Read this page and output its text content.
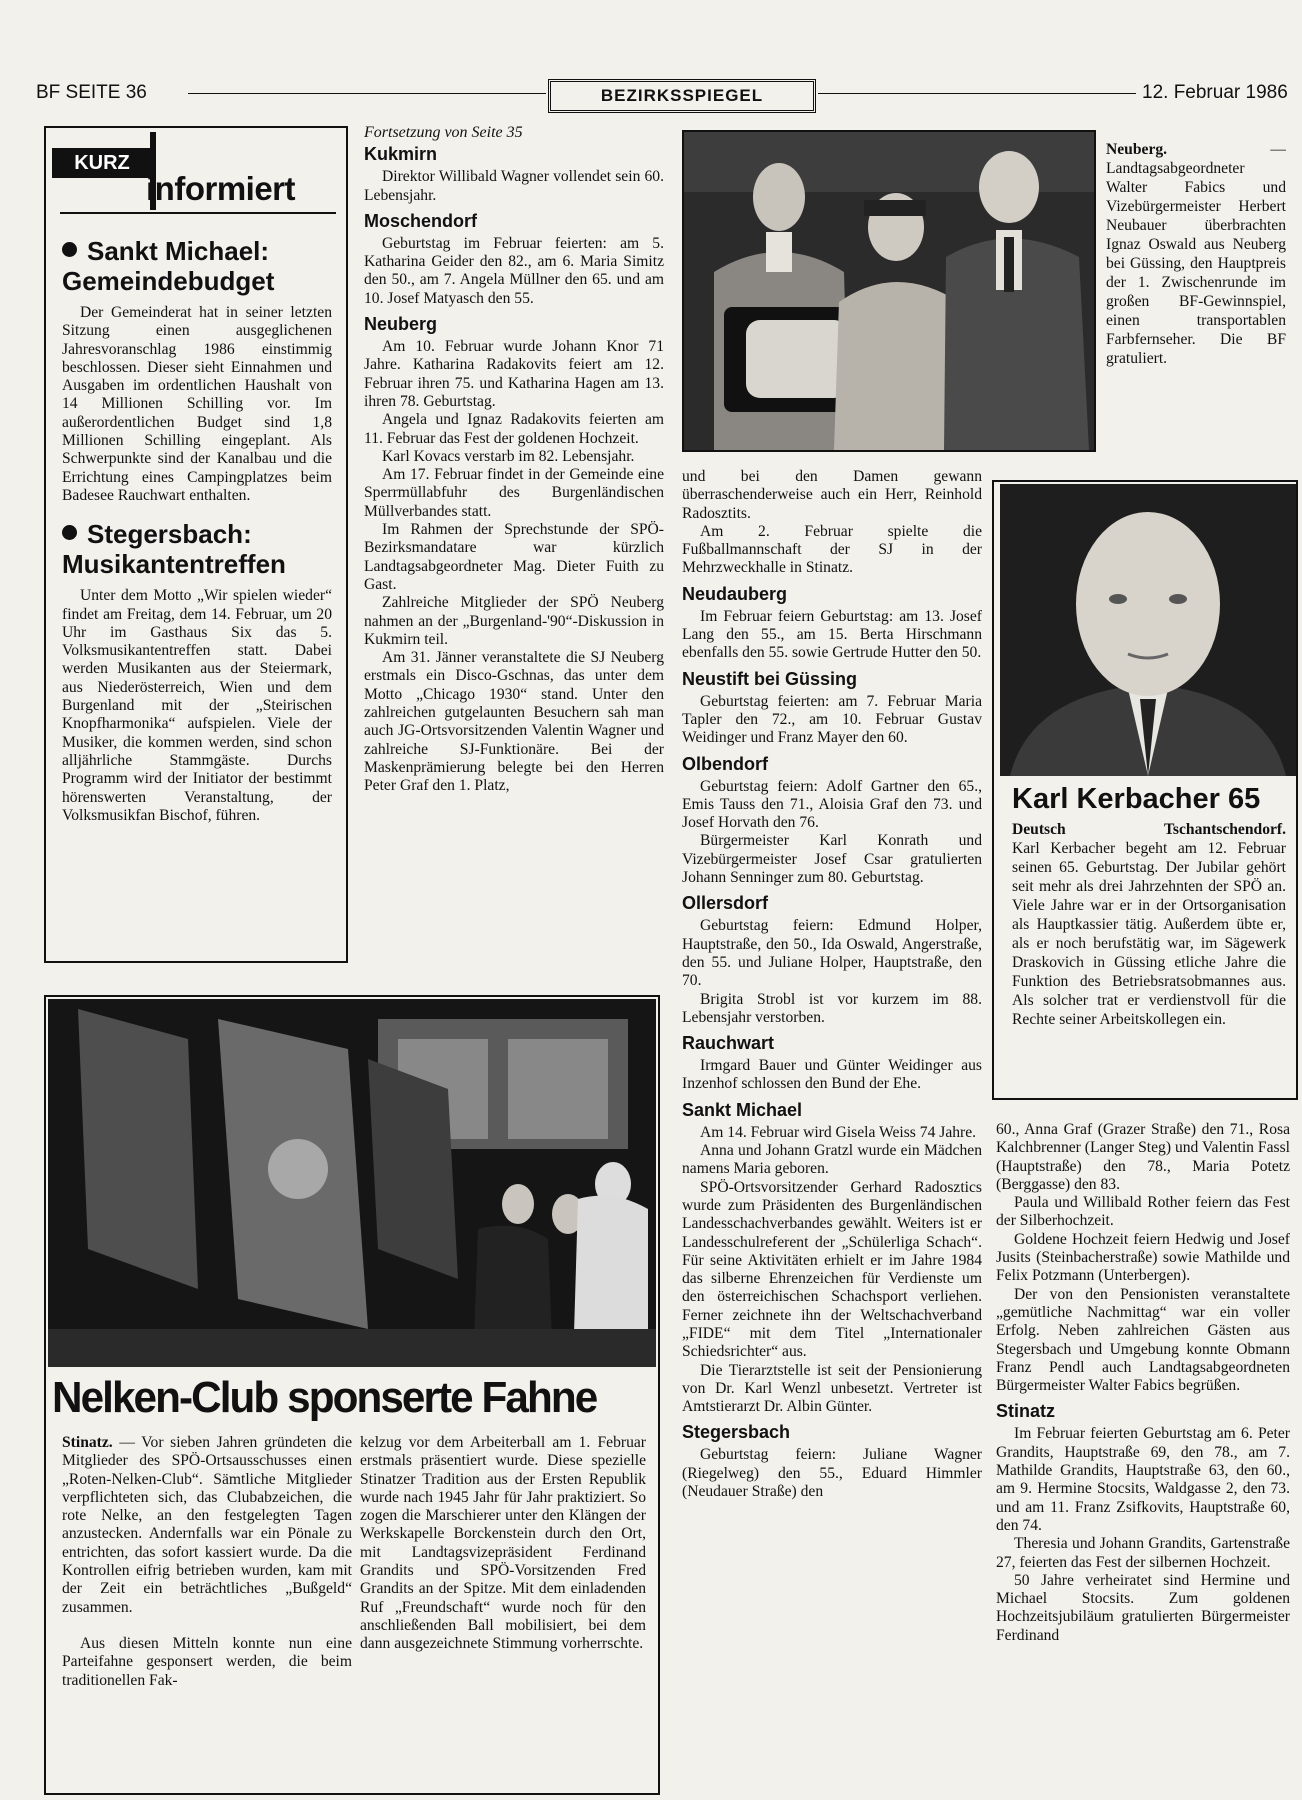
BF SEITE 36	BEZIRKSSPIEGEL	12. Februar 1986
KURZ
informiert
Sankt Michael:
Gemeindebudget

Der Gemeinderat hat in seiner letzten Sitzung einen ausgeglichenen Jahresvoranschlag 1986 einstimmig beschlossen. Dieser sieht Einnahmen und Ausgaben im ordentlichen Haushalt von 14 Millionen Schilling vor. Im außerordentlichen Budget sind 1,8 Millionen Schilling eingeplant. Als Schwerpunkte sind der Kanalbau und die Errichtung eines Campingplatzes beim Badesee Rauchwart enthalten.

Stegersbach:
Musikantentreffen

Unter dem Motto „Wir spielen wieder“ findet am Freitag, dem 14. Februar, um 20 Uhr im Gasthaus Six das 5. Volksmusikantentreffen statt. Dabei werden Musikanten aus der Steiermark, aus Niederösterreich, Wien und dem Burgenland mit der „Steirischen Knopfharmonika“ aufspielen. Viele der Musiker, die kommen werden, sind schon alljährliche Stammgäste. Durchs Programm wird der Initiator der bestimmt hörenswerten Veranstaltung, der Volksmusikfan Bischof, führen.

Fortsetzung von Seite 35

Kukmirn

Direktor Willibald Wagner vollendet sein 60. Lebensjahr.

Moschendorf

Geburtstag im Februar feierten: am 5. Katharina Geider den 82., am 6. Maria Simitz den 50., am 7. Angela Müllner den 65. und am 10. Josef Matyasch den 55.

Neuberg

Am 10. Februar wurde Johann Knor 71 Jahre. Katharina Radakovits feiert am 12. Februar ihren 75. und Katharina Hagen am 13. ihren 78. Geburtstag.

Angela und Ignaz Radakovits feierten am 11. Februar das Fest der goldenen Hochzeit.

Karl Kovacs verstarb im 82. Lebensjahr.

Am 17. Februar findet in der Gemeinde eine Sperrmüllabfuhr des Burgenländischen Müllverbandes statt.

Im Rahmen der Sprechstunde der SPÖ-Bezirksmandatare war kürzlich Landtagsabgeordneter Mag. Dieter Fuith zu Gast.

Zahlreiche Mitglieder der SPÖ Neuberg nahmen an der „Burgenland-'90“-Diskussion in Kukmirn teil.

Am 31. Jänner veranstaltete die SJ Neuberg erstmals ein Disco-Gschnas, das unter dem Motto „Chicago 1930“ stand. Unter den zahlreichen gutgelaunten Besuchern sah man auch JG-Ortsvorsitzenden Valentin Wagner und zahlreiche SJ-Funktionäre. Bei der Maskenprämierung belegte bei den Herren Peter Graf den 1. Platz,

Neuberg.	— Landtagsabgeordneter Walter Fabics und Vizebürgermeister Herbert Neubauer überbrachten Ignaz Oswald aus Neuberg bei Güssing, den Hauptpreis der 1. Zwischenrunde im großen BF-Gewinnspiel, einen transportablen Farbfernseher. Die BF gratuliert.

und bei den Damen gewann überraschenderweise auch ein Herr, Reinhold Radosztits.

Am 2. Februar spielte die Fußballmannschaft der SJ in der Mehrzweckhalle in Stinatz.

Neudauberg

Im Februar feiern Geburtstag: am 13. Josef Lang den 55., am 15. Berta Hirschmann ebenfalls den 55. sowie Gertrude Hutter den 50.

Neustift bei Güssing

Geburtstag feierten: am 7. Februar Maria Tapler den 72., am 10. Februar Gustav Weidinger und Franz Mayer den 60.

Olbendorf

Geburtstag feiern: Adolf Gartner den 65., Emis Tauss den 71., Aloisia Graf den 73. und Josef Horvath den 76.

Bürgermeister Karl Konrath und Vizebürgermeister Josef Csar gratulierten Johann Senninger zum 80. Geburtstag.

Ollersdorf

Geburtstag feiern: Edmund Holper, Hauptstraße, den 50., Ida Oswald, Angerstraße, den 55. und Juliane Holper, Hauptstraße, den 70.

Brigita Strobl ist vor kurzem im 88. Lebensjahr verstorben.

Rauchwart

Irmgard Bauer und Günter Weidinger aus Inzenhof schlossen den Bund der Ehe.

Sankt Michael

Am 14. Februar wird Gisela Weiss 74 Jahre.

Anna und Johann Gratzl wurde ein Mädchen namens Maria geboren.

SPÖ-Ortsvorsitzender Gerhard Radosztics wurde zum Präsidenten des Burgenländischen Landesschachverbandes gewählt. Weiters ist er Landesschulreferent der „Schülerliga Schach“. Für seine Aktivitäten erhielt er im Jahre 1984 das silberne Ehrenzeichen für Verdienste um den österreichischen Schachsport verliehen. Ferner zeichnete ihn der Weltschachverband „FIDE“ mit dem Titel „Internationaler Schiedsrichter“ aus.

Die Tierarztstelle ist seit der Pensionierung von Dr. Karl Wenzl unbesetzt. Vertreter ist Amtstierarzt Dr. Albin Günter.

Stegersbach

Geburtstag feiern: Juliane Wagner (Riegelweg) den 55., Eduard Himmler (Neudauer Straße) den

Karl Kerbacher 65

Deutsch Tschantschendorf.

Karl Kerbacher begeht am 12. Februar seinen 65. Geburtstag. Der Jubilar gehört seit mehr als drei Jahrzehnten der SPÖ an. Viele Jahre war er in der Ortsorganisation als Hauptkassier tätig. Außerdem übte er, als er noch berufstätig war, im Sägewerk Draskovich in Güssing etliche Jahre die Funktion des Betriebsratsobmannes aus. Als solcher trat er verdienstvoll für die Rechte seiner Arbeitskollegen ein.

60., Anna Graf (Grazer Straße) den 71., Rosa Kalchbrenner (Langer Steg) und Valentin Fassl (Hauptstraße) den 78., Maria Potetz (Berggasse) den 83.

Paula und Willibald Rother feiern das Fest der Silberhochzeit.

Goldene Hochzeit feiern Hedwig und Josef Jusits (Steinbacherstraße) sowie Mathilde und Felix Potzmann (Unterbergen).

Der von den Pensionisten veranstaltete „gemütliche Nachmittag“ war ein voller Erfolg. Neben zahlreichen Gästen aus Stegersbach und Umgebung konnte Obmann Franz Pendl auch Landtagsabgeordneten Bürgermeister Walter Fabics begrüßen.

Stinatz

Im Februar feierten Geburtstag am 6. Peter Grandits, Hauptstraße 69, den 78., am 7. Mathilde Grandits, Hauptstraße 63, den 60., am 9. Hermine Stocsits, Waldgasse 2, den 73. und am 11. Franz Zsifkovits, Hauptstraße 60, den 74.

Theresia und Johann Grandits, Gartenstraße 27, feierten das Fest der silbernen Hochzeit.

50 Jahre verheiratet sind Hermine und Michael Stocsits. Zum goldenen Hochzeitsjubiläum gratulierten Bürgermeister Ferdinand

Nelken-Club sponserte Fahne

Stinatz. — Vor sieben Jahren gründeten die Mitglieder des SPÖ-Ortsausschusses einen „Roten-Nelken-Club“. Sämtliche Mitglieder verpflichteten sich, das Clubabzeichen, die rote Nelke, an den festgelegten Tagen anzustecken. Andernfalls war ein Pönale zu entrichten, das sofort kassiert wurde. Da die Kontrollen eifrig betrieben wurden, kam mit der Zeit ein beträchtliches „Bußgeld“ zusammen.

Aus diesen Mitteln konnte nun eine Parteifahne gesponsert werden, die beim traditionellen Fak-

kelzug vor dem Arbeiterball am 1. Februar erstmals präsentiert wurde. Diese spezielle Stinatzer Tradition aus der Ersten Republik wurde nach 1945 Jahr für Jahr praktiziert. So zogen die Marschierer unter den Klängen der Werkskapelle Borckenstein durch den Ort, mit Landtagsvizepräsident Ferdinand Grandits und SPÖ-Vorsitzenden Fred Grandits an der Spitze. Mit dem einladenden Ruf „Freundschaft“ wurde noch für den anschließenden Ball mobilisiert, bei dem dann ausgezeichnete Stimmung vorherrschte.
